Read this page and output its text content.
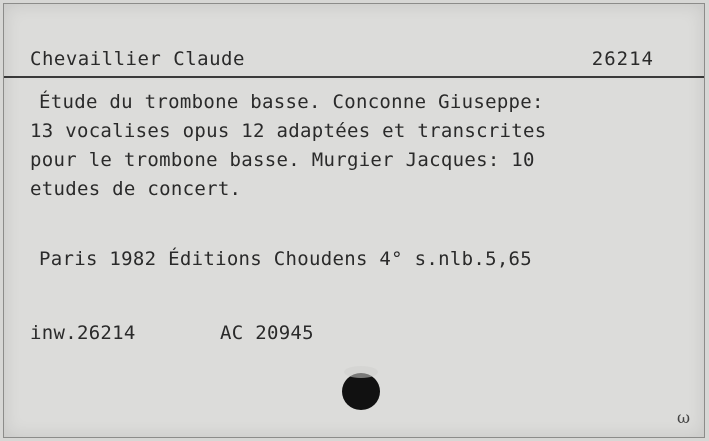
Chevaillier Claude	26214
Étude du trombone basse. Conconne Giuseppe:
13 vocalises opus 12 adaptées et transcrites
pour le trombone basse. Murgier Jacques: 10
etudes de concert.
Paris 1982 Éditions Choudens 4° s.nlb.5,65
inw.26214	AC 20945
ω
